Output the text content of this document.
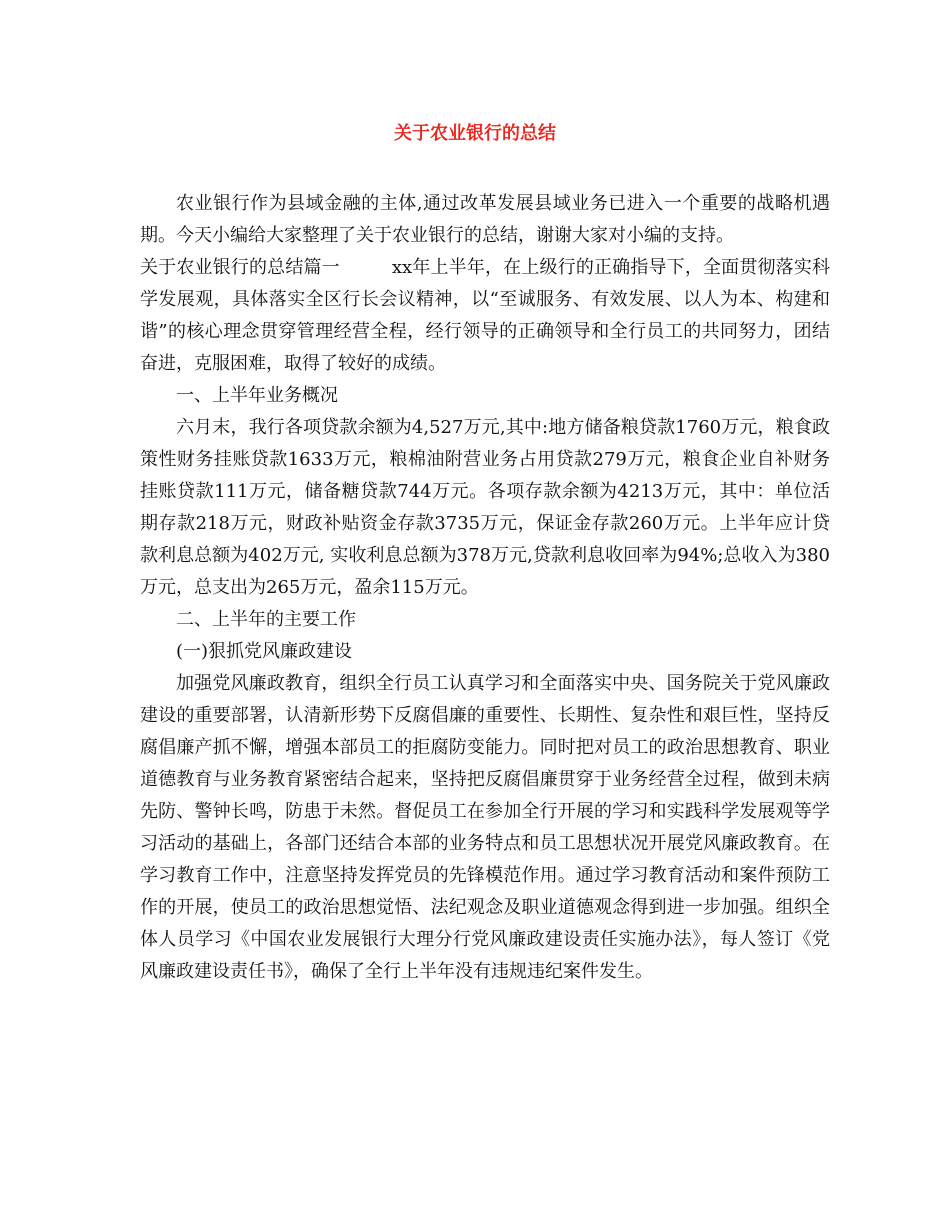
关于农业银行的总结

农业银行作为县域金融的主体,通过改革发展县域业务已进入一个重要的战略机遇期。今天小编给大家整理了关于农业银行的总结，谢谢大家对小编的支持。

关于农业银行的总结篇一	xx年上半年，在上级行的正确指导下，全面贯彻落实科学发展观，具体落实全区行长会议精神，以“至诚服务、有效发展、以人为本、构建和谐”的核心理念贯穿管理经营全程，经行领导的正确领导和全行员工的共同努力，团结奋进，克服困难，取得了较好的成绩。

一、上半年业务概况

六月末，我行各项贷款余额为4,527万元,其中:地方储备粮贷款1760万元，粮食政策性财务挂账贷款1633万元，粮棉油附营业务占用贷款279万元，粮食企业自补财务挂账贷款111万元，储备糖贷款744万元。各项存款余额为4213万元，其中：单位活期存款218万元，财政补贴资金存款3735万元，保证金存款260万元。上半年应计贷款利息总额为402万元, 实收利息总额为378万元,贷款利息收回率为94%;总收入为380万元，总支出为265万元，盈余115万元。

二、上半年的主要工作

(一)狠抓党风廉政建设

加强党风廉政教育，组织全行员工认真学习和全面落实中央、国务院关于党风廉政建设的重要部署，认清新形势下反腐倡廉的重要性、长期性、复杂性和艰巨性，坚持反腐倡廉产抓不懈，增强本部员工的拒腐防变能力。同时把对员工的政治思想教育、职业道德教育与业务教育紧密结合起来，坚持把反腐倡廉贯穿于业务经营全过程，做到未病先防、警钟长鸣，防患于未然。督促员工在参加全行开展的学习和实践科学发展观等学习活动的基础上，各部门还结合本部的业务特点和员工思想状况开展党风廉政教育。在学习教育工作中，注意坚持发挥党员的先锋模范作用。通过学习教育活动和案件预防工作的开展，使员工的政治思想觉悟、法纪观念及职业道德观念得到进一步加强。组织全体人员学习《中国农业发展银行大理分行党风廉政建设责任实施办法》，每人签订《党风廉政建设责任书》，确保了全行上半年没有违规违纪案件发生。
